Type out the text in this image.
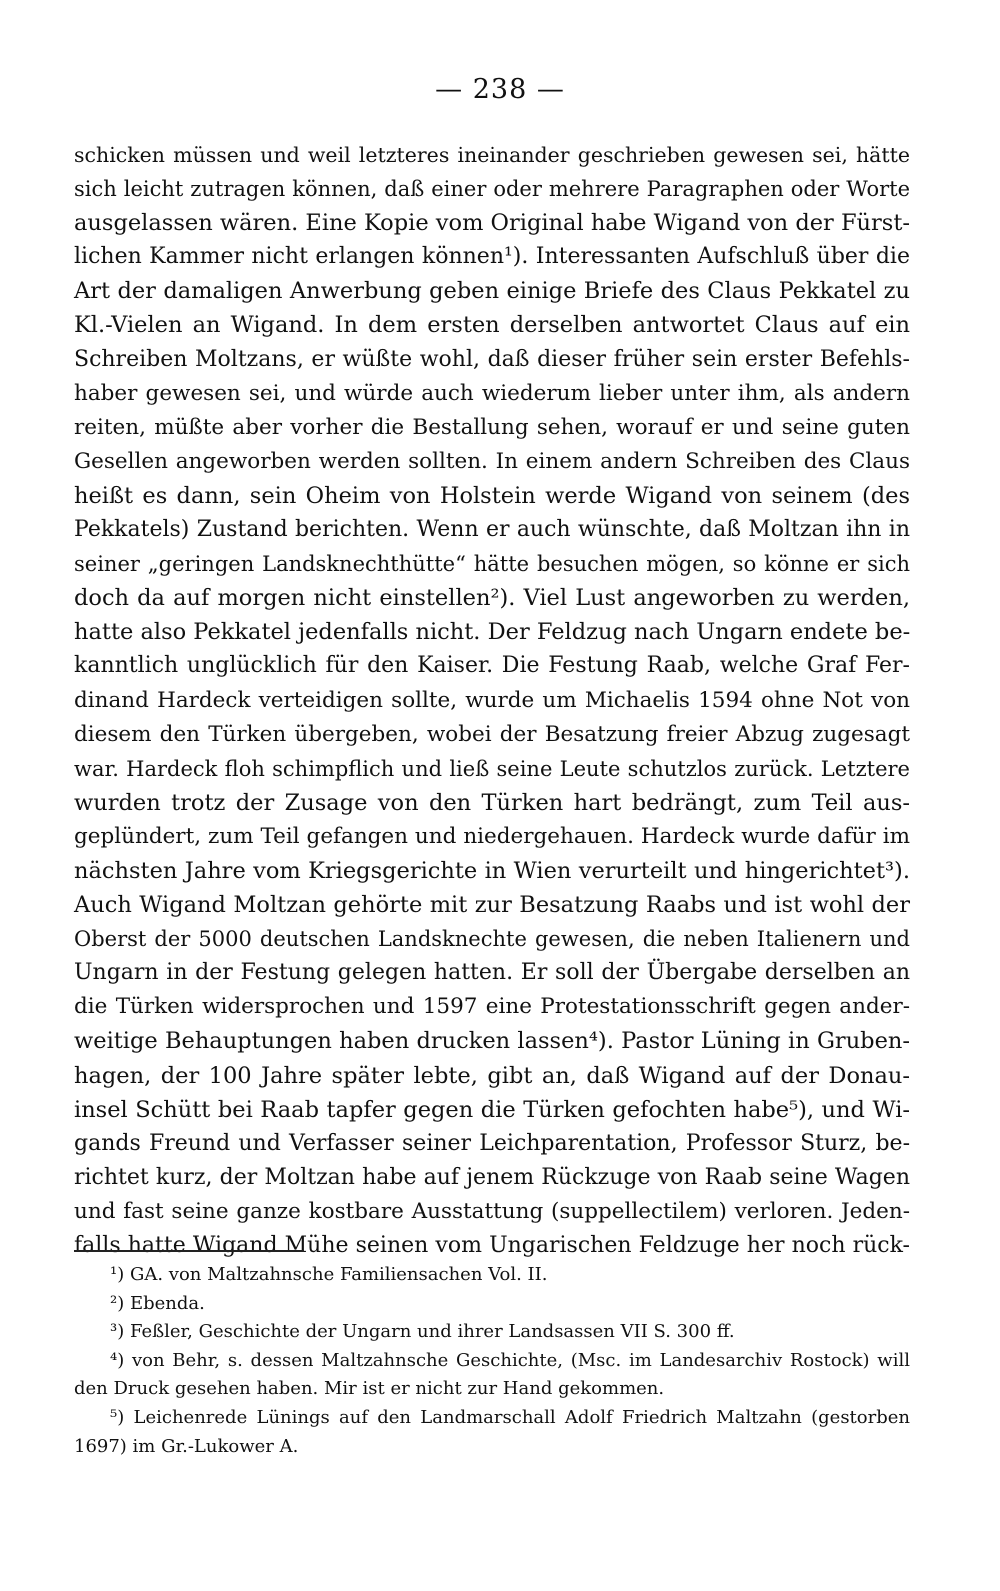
— 238 —
schicken müssen und weil letzteres ineinander geschrieben gewesen sei, hätte
sich leicht zutragen können, daß einer oder mehrere Paragraphen oder Worte
ausgelassen wären. Eine Kopie vom Original habe Wigand von der Fürst-
lichen Kammer nicht erlangen können¹). Interessanten Aufschluß über die
Art der damaligen Anwerbung geben einige Briefe des Claus Pekkatel zu
Kl.-Vielen an Wigand. In dem ersten derselben antwortet Claus auf ein
Schreiben Moltzans, er wüßte wohl, daß dieser früher sein erster Befehls-
haber gewesen sei, und würde auch wiederum lieber unter ihm, als andern
reiten, müßte aber vorher die Bestallung sehen, worauf er und seine guten
Gesellen angeworben werden sollten. In einem andern Schreiben des Claus
heißt es dann, sein Oheim von Holstein werde Wigand von seinem (des
Pekkatels) Zustand berichten. Wenn er auch wünschte, daß Moltzan ihn in
seiner „geringen Landsknechthütte“ hätte besuchen mögen, so könne er sich
doch da auf morgen nicht einstellen²). Viel Lust angeworben zu werden,
hatte also Pekkatel jedenfalls nicht. Der Feldzug nach Ungarn endete be-
kanntlich unglücklich für den Kaiser. Die Festung Raab, welche Graf Fer-
dinand Hardeck verteidigen sollte, wurde um Michaelis 1594 ohne Not von
diesem den Türken übergeben, wobei der Besatzung freier Abzug zugesagt
war. Hardeck floh schimpflich und ließ seine Leute schutzlos zurück. Letztere
wurden trotz der Zusage von den Türken hart bedrängt, zum Teil aus-
geplündert, zum Teil gefangen und niedergehauen. Hardeck wurde dafür im
nächsten Jahre vom Kriegsgerichte in Wien verurteilt und hingerichtet³).
Auch Wigand Moltzan gehörte mit zur Besatzung Raabs und ist wohl der
Oberst der 5000 deutschen Landsknechte gewesen, die neben Italienern und
Ungarn in der Festung gelegen hatten. Er soll der Übergabe derselben an
die Türken widersprochen und 1597 eine Protestationsschrift gegen ander-
weitige Behauptungen haben drucken lassen⁴). Pastor Lüning in Gruben-
hagen, der 100 Jahre später lebte, gibt an, daß Wigand auf der Donau-
insel Schütt bei Raab tapfer gegen die Türken gefochten habe⁵), und Wi-
gands Freund und Verfasser seiner Leichparentation, Professor Sturz, be-
richtet kurz, der Moltzan habe auf jenem Rückzuge von Raab seine Wagen
und fast seine ganze kostbare Ausstattung (suppellectilem) verloren. Jeden-
falls hatte Wigand Mühe seinen vom Ungarischen Feldzuge her noch rück-
¹) GA. von Maltzahnsche Familiensachen Vol. II.
²) Ebenda.
³) Feßler, Geschichte der Ungarn und ihrer Landsassen VII S. 300 ff.
⁴) von Behr, s. dessen Maltzahnsche Geschichte, (Msc. im Landesarchiv Rostock) will
den Druck gesehen haben. Mir ist er nicht zur Hand gekommen.
⁵) Leichenrede Lünings auf den Landmarschall Adolf Friedrich Maltzahn (gestorben
1697) im Gr.-Lukower A.
